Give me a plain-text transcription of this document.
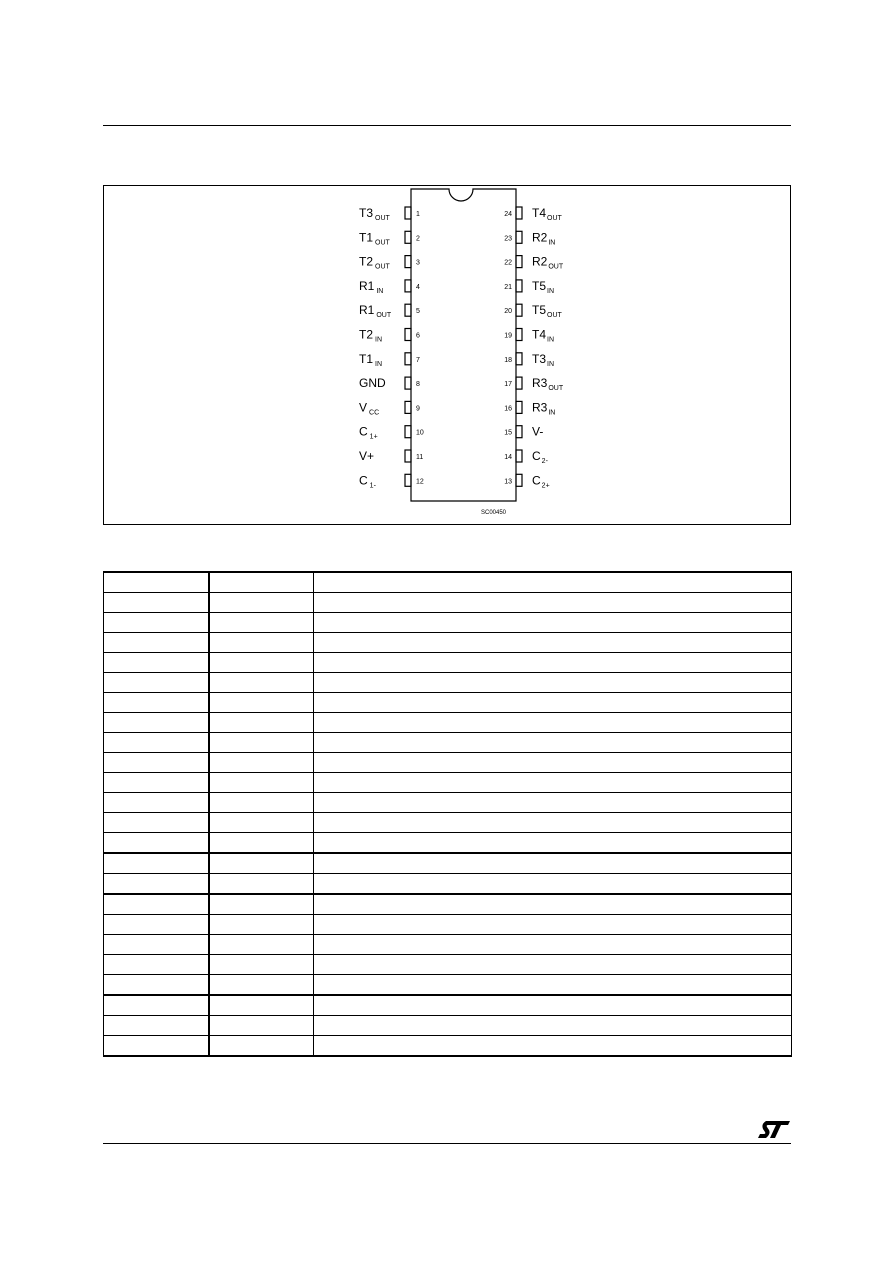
1
T3 $_{OUT}$
2
T1 $_{OUT}$
3
T2 $_{OUT}$
4
R1 $_{IN}$
5
R1 $_{OUT}$
6
T2 $_{IN}$
7
T1 $_{IN}$
8
GND
9
V $_{CC}$
10
C $_{1+}$
11
V+
12
C $_{1-}$
24 $T4_{OUT}$
23 $R2_{IN}$
22 $R2_{OUT}$
21 $T5_{IN}$
20 $T5_{OUT}$
19 $T4_{IN}$
18 $T3_{IN}$
17 $R3_{OUT}$
16 $R3_{IN}$
15 V-
14 $C_{2-}$
13 $C_{2+}$
SC00450
